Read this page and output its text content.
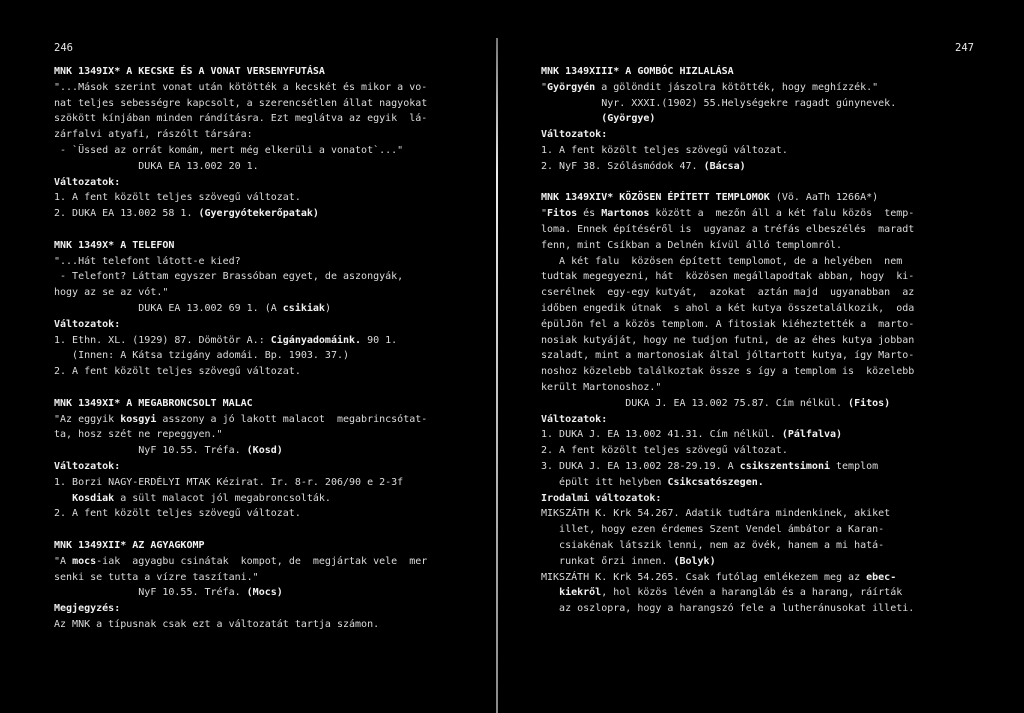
246	247
MNK 1349IX* A KECSKE ÉS A VONAT VERSENYFUTÁSA
"...Mások szerint vonat után kötötték a kecskét és mikor a vo-
nat teljes sebességre kapcsolt, a szerencsétlen állat nagyokat
szökött kínjában minden rándításra. Ezt meglátva az egyik  lá-
zárfalvi atyafi, rászólt társára:
- `Üssed az orrát komám, mert még elkerüli a vonatot`..."
DUKA EA 13.002 20 1.
Változatok:
1. A fent közölt teljes szövegű változat.
2. DUKA EA 13.002 58 1. (Gyergyótekerőpatak)
MNK 1349X* A TELEFON
"...Hát telefont látott-e kied?
- Telefont? Láttam egyszer Brassóban egyet, de aszongyák,
hogy az se az vót."
DUKA EA 13.002 69 1. (A csikiak)
Változatok:
1. Ethn. XL. (1929) 87. Dömötör A.: Cigányadomáink. 90 1.
(Innen: A Kátsa tzigány adomái. Bp. 1903. 37.)
2. A fent közölt teljes szövegű változat.
MNK 1349XI* A MEGABRONCSOLT MALAC
"Az eggyik kosgyi asszony a jó lakott malacot  megabrincsótat-
ta, hosz szét ne repeggyen."
NyF 10.55. Tréfa. (Kosd)
Változatok:
1. Borzi NAGY-ERDÉLYI MTAK Kézirat. Ir. 8-r. 206/90 e 2-3f
Kosdiak a sült malacot jól megabroncsolták.
2. A fent közölt teljes szövegű változat.
MNK 1349XII* AZ AGYAGKOMP
"A mocs-iak  agyagbu csinátak  kompot, de  megjártak vele  mer
senki se tutta a vízre taszítani."
NyF 10.55. Tréfa. (Mocs)
Megjegyzés:
Az MNK a típusnak csak ezt a változatát tartja számon.
MNK 1349XIII* A GOMBÓC HIZLALÁSA
"Györgyén a gölöndit jászolra kötötték, hogy meghízzék."
Nyr. XXXI.(1902) 55.Helységekre ragadt gúnynevek.
(Györgye)
Változatok:
1. A fent közölt teljes szövegű változat.
2. NyF 38. Szólásmódok 47. (Bácsa)
MNK 1349XIV* KÖZÖSEN ÉPÍTETT TEMPLOMOK (Vö. AaTh 1266A*)
"Fitos és Martonos között a  mezőn áll a két falu közös  temp-
loma. Ennek építéséről is  ugyanaz a tréfás elbeszélés  maradt
fenn, mint Csíkban a Delnén kívül álló templomról.
A két falu  közösen épített templomot, de a helyében  nem
tudtak megegyezni, hát  közösen megállapodtak abban, hogy  ki-
cserélnek  egy-egy kutyát,  azokat  aztán majd  ugyanabban  az
időben engedik útnak  s ahol a két kutya összetalálkozik,  oda
épülJön fel a közös templom. A fitosiak kiéheztették a  marto-
nosiak kutyáját, hogy ne tudjon futni, de az éhes kutya jobban
szaladt, mint a martonosiak által jóltartott kutya, így Marto-
noshoz közelebb találkoztak össze s így a templom is  közelebb
került Martonoshoz."
DUKA J. EA 13.002 75.87. Cím nélkül. (Fitos)
Változatok:
1. DUKA J. EA 13.002 41.31. Cím nélkül. (Pálfalva)
2. A fent közölt teljes szövegű változat.
3. DUKA J. EA 13.002 28-29.19. A csikszentsimoni templom
épült itt helyben Csikcsatószegen.
Irodalmi változatok:
MIKSZÁTH K. Krk 54.267. Adatik tudtára mindenkinek, akiket
illet, hogy ezen érdemes Szent Vendel ámbátor a Karan-
csiakénak látszik lenni, nem az övék, hanem a mi hatá-
runkat őrzi innen. (Bolyk)
MIKSZÁTH K. Krk 54.265. Csak futólag emlékezem meg az ebec-
kiekről, hol közös lévén a harangláb és a harang, ráírták
az oszlopra, hogy a harangszó fele a lutheránusokat illeti.
